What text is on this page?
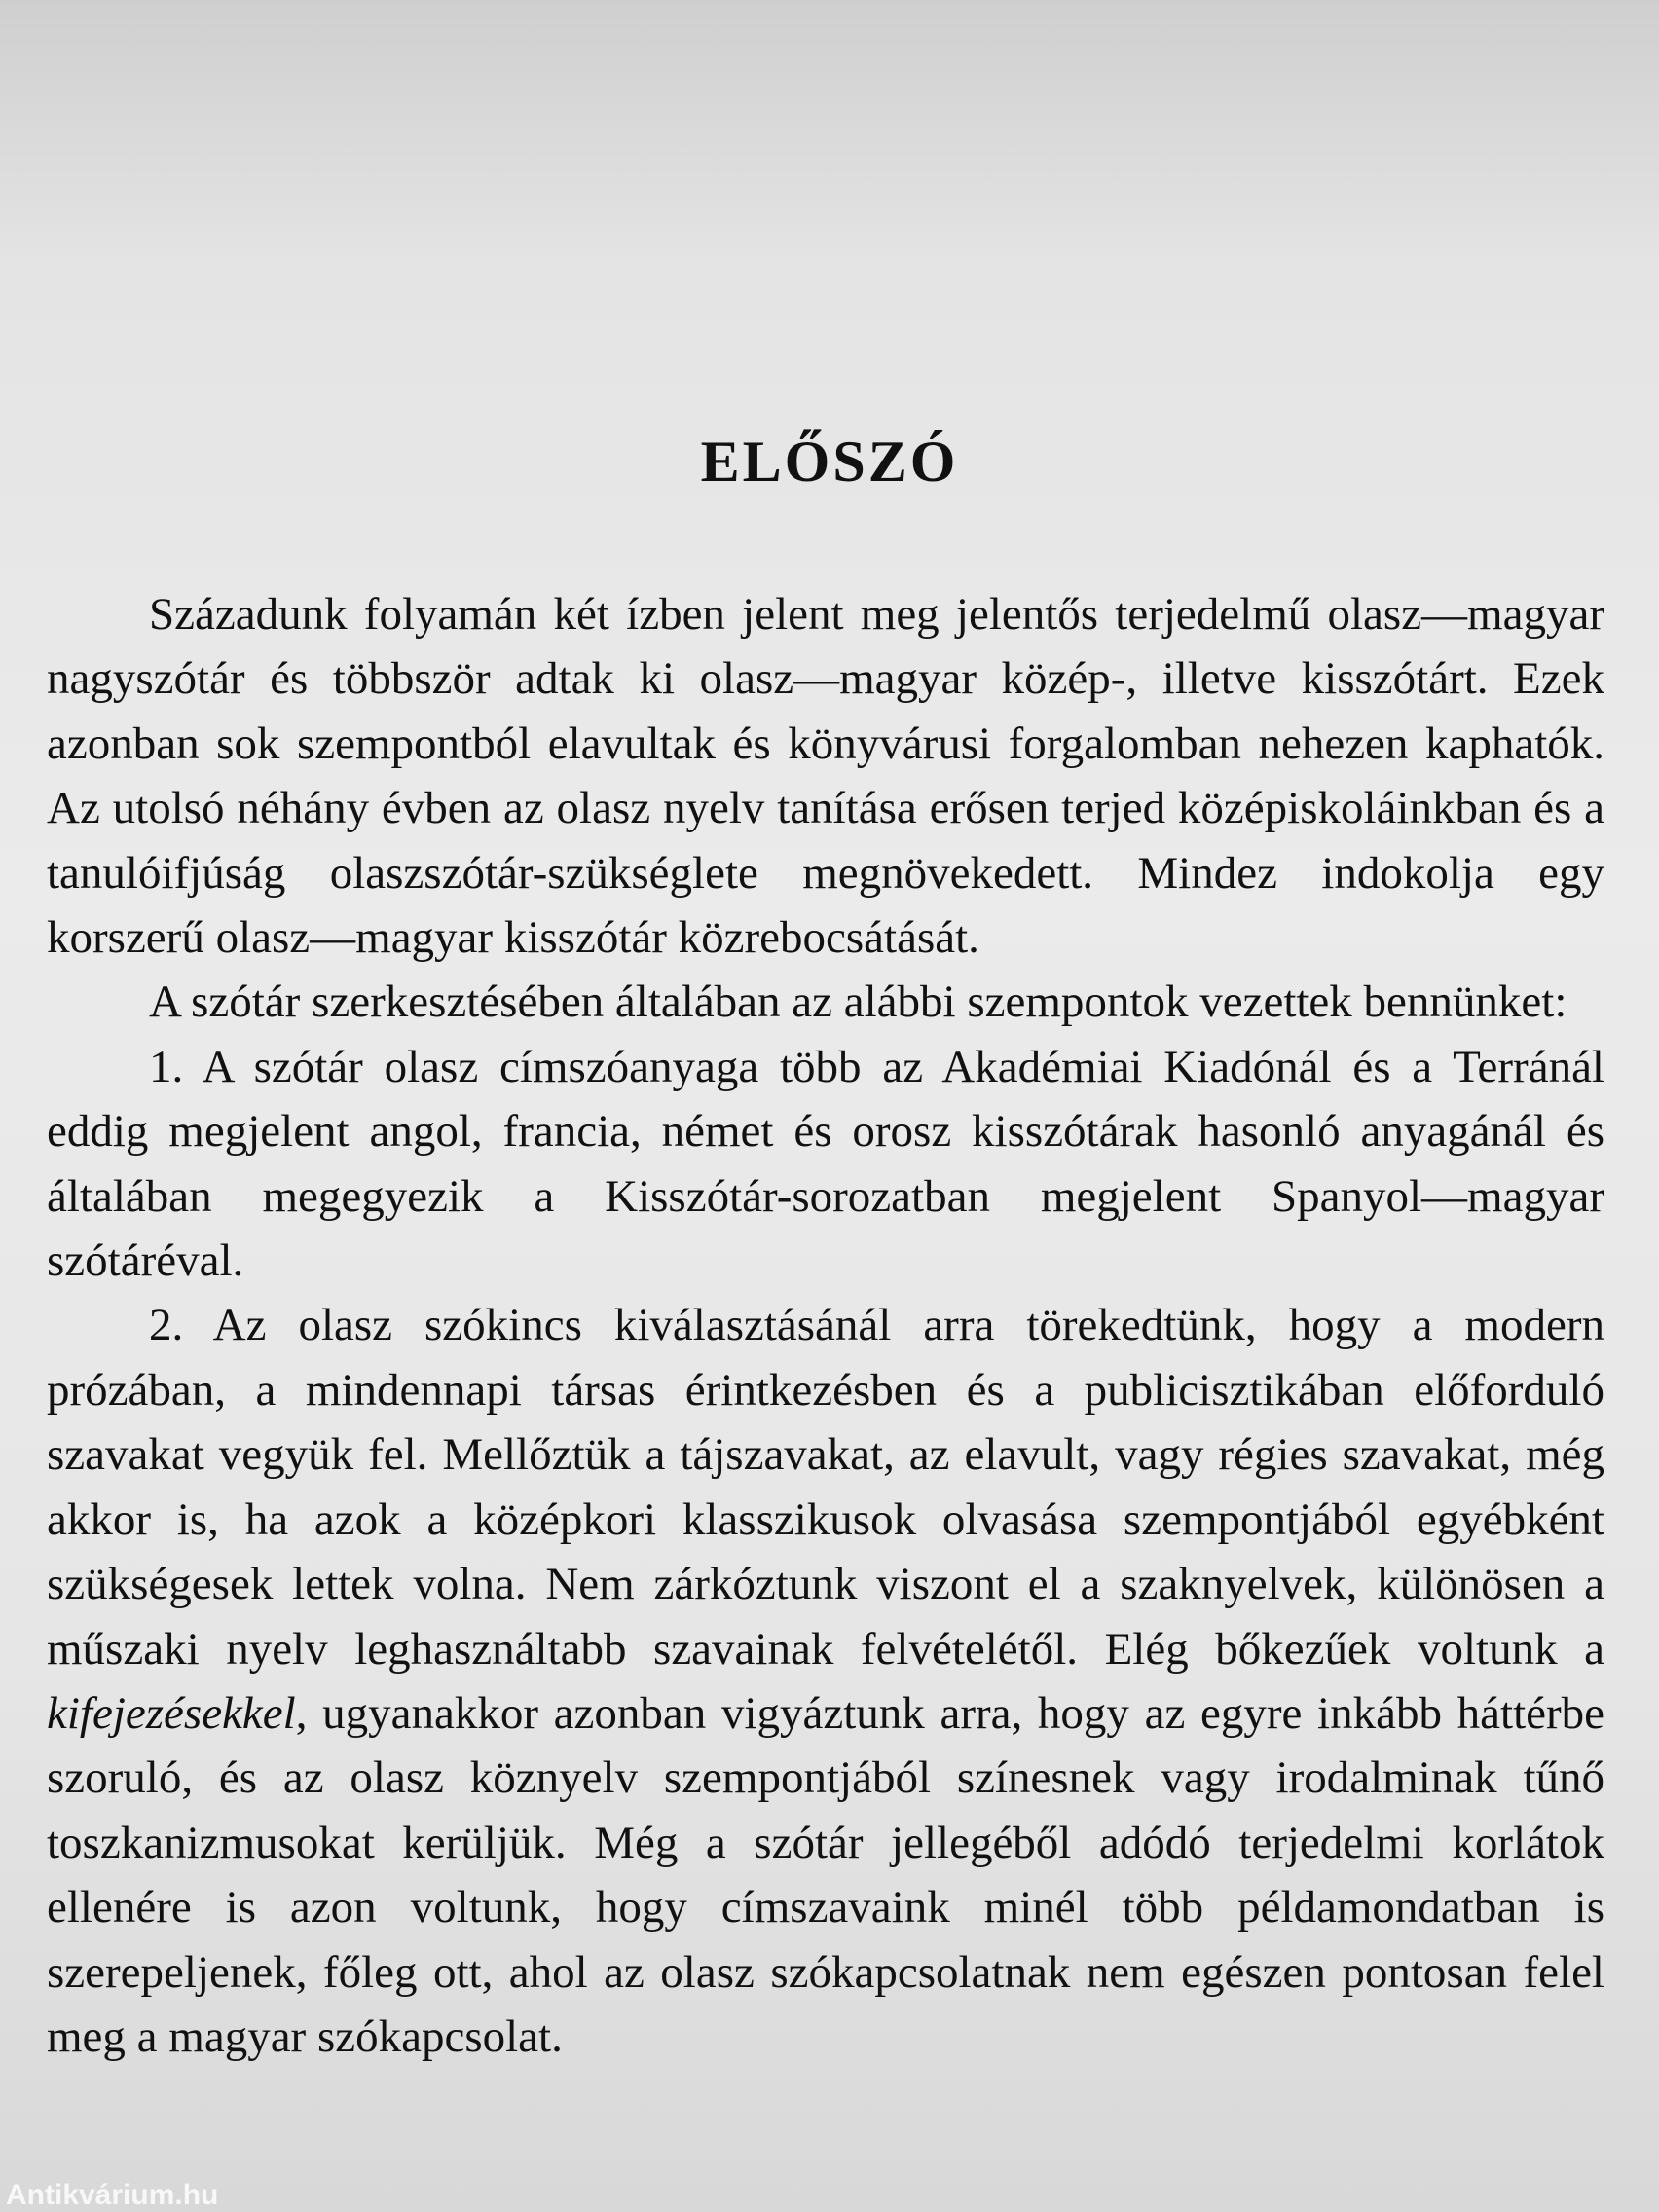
ELŐSZÓ

Századunk folyamán két ízben jelent meg jelentős terjedelmű olasz—magyar nagyszótár és többször adtak ki olasz—magyar közép-, illetve kisszótárt. Ezek azonban sok szempontból elavultak és könyvárusi forgalomban nehezen kaphatók. Az utolsó néhány évben az olasz nyelv tanítása erősen terjed középiskoláinkban és a tanulóifjúság olaszszótár-szükséglete megnövekedett. Mindez indokolja egy korszerű olasz—magyar kisszótár közrebocsátását.

A szótár szerkesztésében általában az alábbi szempontok vezettek bennünket:

1. A szótár olasz címszóanyaga több az Akadémiai Kiadónál és a Terránál eddig megjelent angol, francia, német és orosz kisszótárak hasonló anyagánál és általában megegyezik a Kisszótár-sorozatban megjelent Spanyol—magyar szótáréval.

2. Az olasz szókincs kiválasztásánál arra törekedtünk, hogy a modern prózában, a mindennapi társas érintkezésben és a publicisztikában előforduló szavakat vegyük fel. Mellőztük a tájszavakat, az elavult, vagy régies szavakat, még akkor is, ha azok a középkori klasszikusok olvasása szempontjából egyébként szükségesek lettek volna. Nem zárkóztunk viszont el a szaknyelvek, különösen a műszaki nyelv leghasználtabb szavainak felvételétől. Elég bőkezűek voltunk a kifejezésekkel, ugyanakkor azonban vigyáztunk arra, hogy az egyre inkább háttérbe szoruló, és az olasz köznyelv szempontjából színesnek vagy irodalminak tűnő toszkanizmusokat kerüljük. Még a szótár jellegéből adódó terjedelmi korlátok ellenére is azon voltunk, hogy címszavaink minél több példamondatban is szerepeljenek, főleg ott, ahol az olasz szókapcsolatnak nem egészen pontosan felel meg a magyar szókapcsolat.

Antikvárium.hu
